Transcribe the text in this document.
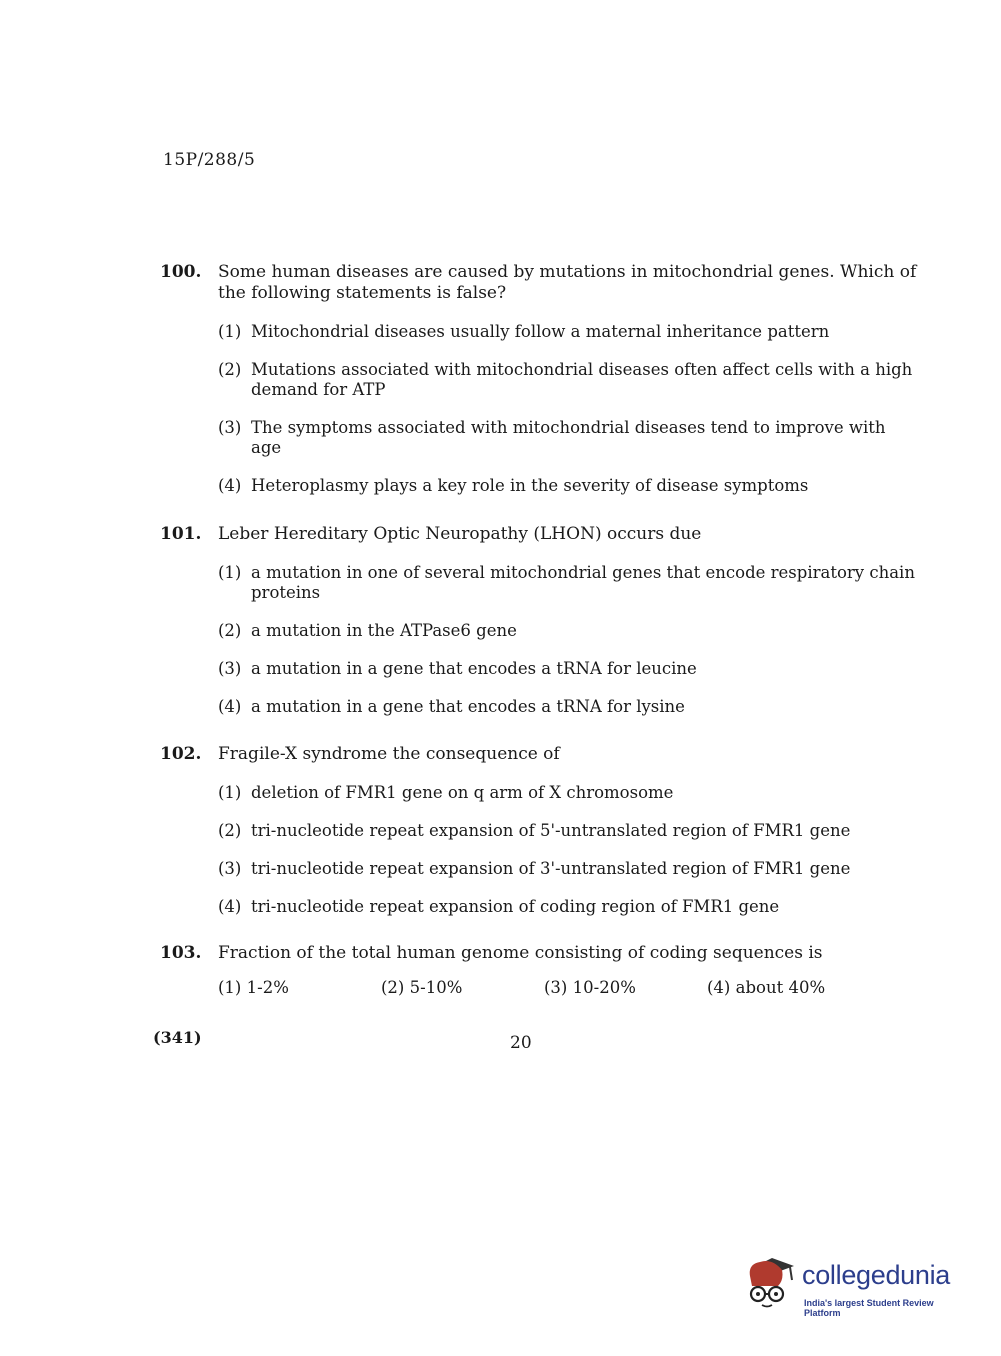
15P/288/5
100. Some human diseases are caused by mutations in mitochondrial genes. Which of the following statements is false?
(1) Mitochondrial diseases usually follow a maternal inheritance pattern
(2) Mutations associated with mitochondrial diseases often affect cells with a high demand for ATP
(3) The symptoms associated with mitochondrial diseases tend to improve with age
(4) Heteroplasmy plays a key role in the severity of disease symptoms
101. Leber Hereditary Optic Neuropathy (LHON) occurs due
(1) a mutation in one of several mitochondrial genes that encode respiratory chain proteins
(2) a mutation in the ATPase6 gene
(3) a mutation in a gene that encodes a tRNA for leucine
(4) a mutation in a gene that encodes a tRNA for lysine
102. Fragile-X syndrome the consequence of
(1) deletion of FMR1 gene on q arm of X chromosome
(2) tri-nucleotide repeat expansion of 5'-untranslated region of FMR1 gene
(3) tri-nucleotide repeat expansion of 3'-untranslated region of FMR1 gene
(4) tri-nucleotide repeat expansion of coding region of FMR1 gene
103. Fraction of the total human genome consisting of coding sequences is
(1) 1-2%	(2) 5-10%	(3) 10-20%	(4) about 40%
(341)	20
collegedunia
India's largest Student Review Platform
